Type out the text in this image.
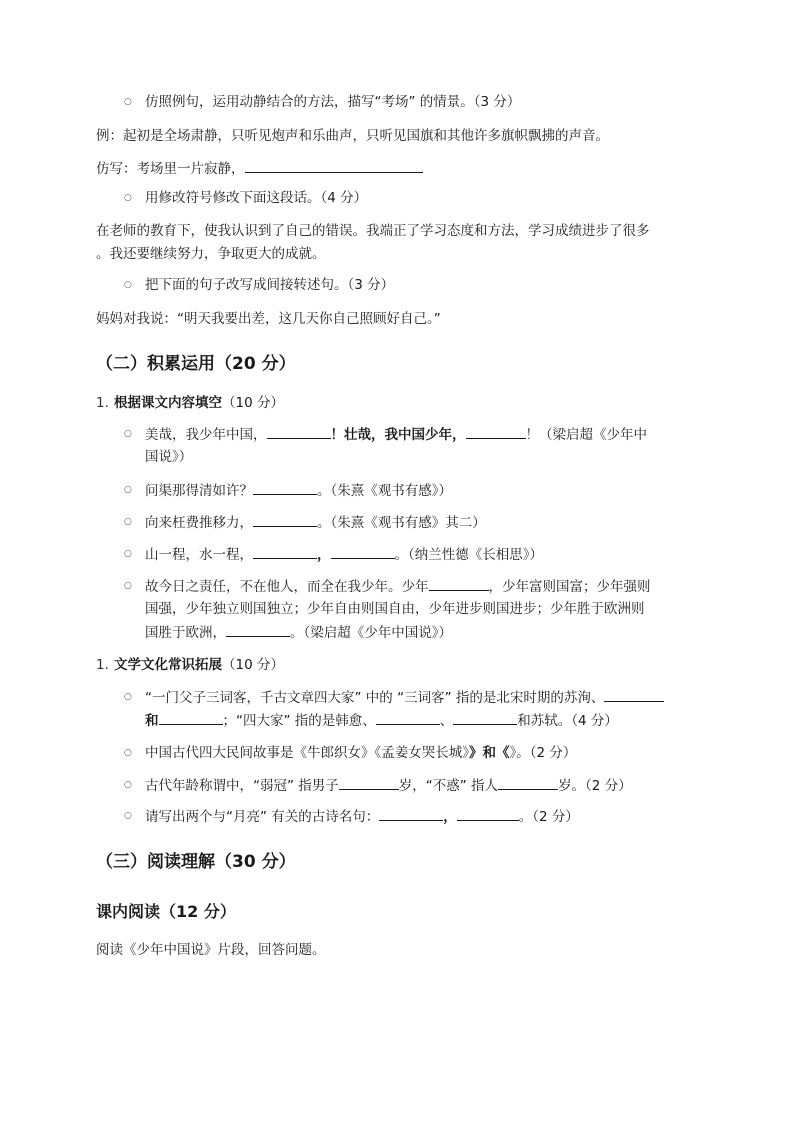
○ 仿照例句，运用动静结合的方法，描写“考场” 的情景。（3 分）
例：起初是全场肃静，只听见炮声和乐曲声，只听见国旗和其他许多旗帜飘拂的声音。
仿写：考场里一片寂静，
○ 用修改符号修改下面这段话。（4 分）
在老师的教育下，使我认识到了自己的错误。我端正了学习态度和方法，学习成绩进步了很多
。我还要继续努力，争取更大的成就。
○ 把下面的句子改写成间接转述句。（3 分）
妈妈对我说：“明天我要出差，这几天你自己照顾好自己。”
（二）积累运用（20 分）
1. 根据课文内容填空（10 分）
○ 美哉，我少年中国，	！壮哉，我中国少年，	！（梁启超《少年中
国说》）
○ 问渠那得清如许？	。（朱熹《观书有感》）
○ 向来枉费推移力，	。（朱熹《观书有感》其二）
○ 山一程，水一程，	，	。（纳兰性德《长相思》）
○ 故今日之责任，不在他人，而全在我少年。少年	，少年富则国富；少年强则
国强，少年独立则国独立；少年自由则国自由，少年进步则国进步；少年胜于欧洲则
国胜于欧洲，	。（梁启超《少年中国说》）
1. 文学文化常识拓展（10 分）
○ “一门父子三词客，千古文章四大家” 中的 “三词客” 指的是北宋时期的苏洵、
和	；“四大家” 指的是韩愈、	、	和苏轼。（4 分）
○ 中国古代四大民间故事是《牛郎织女》《孟姜女哭长城》》和《》。（2 分）
○ 古代年龄称谓中，“弱冠” 指男子	岁，“不惑” 指人	岁。（2 分）
○ 请写出两个与“月亮” 有关的古诗名句：	，	。（2 分）
（三）阅读理解（30 分）
课内阅读（12 分）
阅读《少年中国说》片段，回答问题。
